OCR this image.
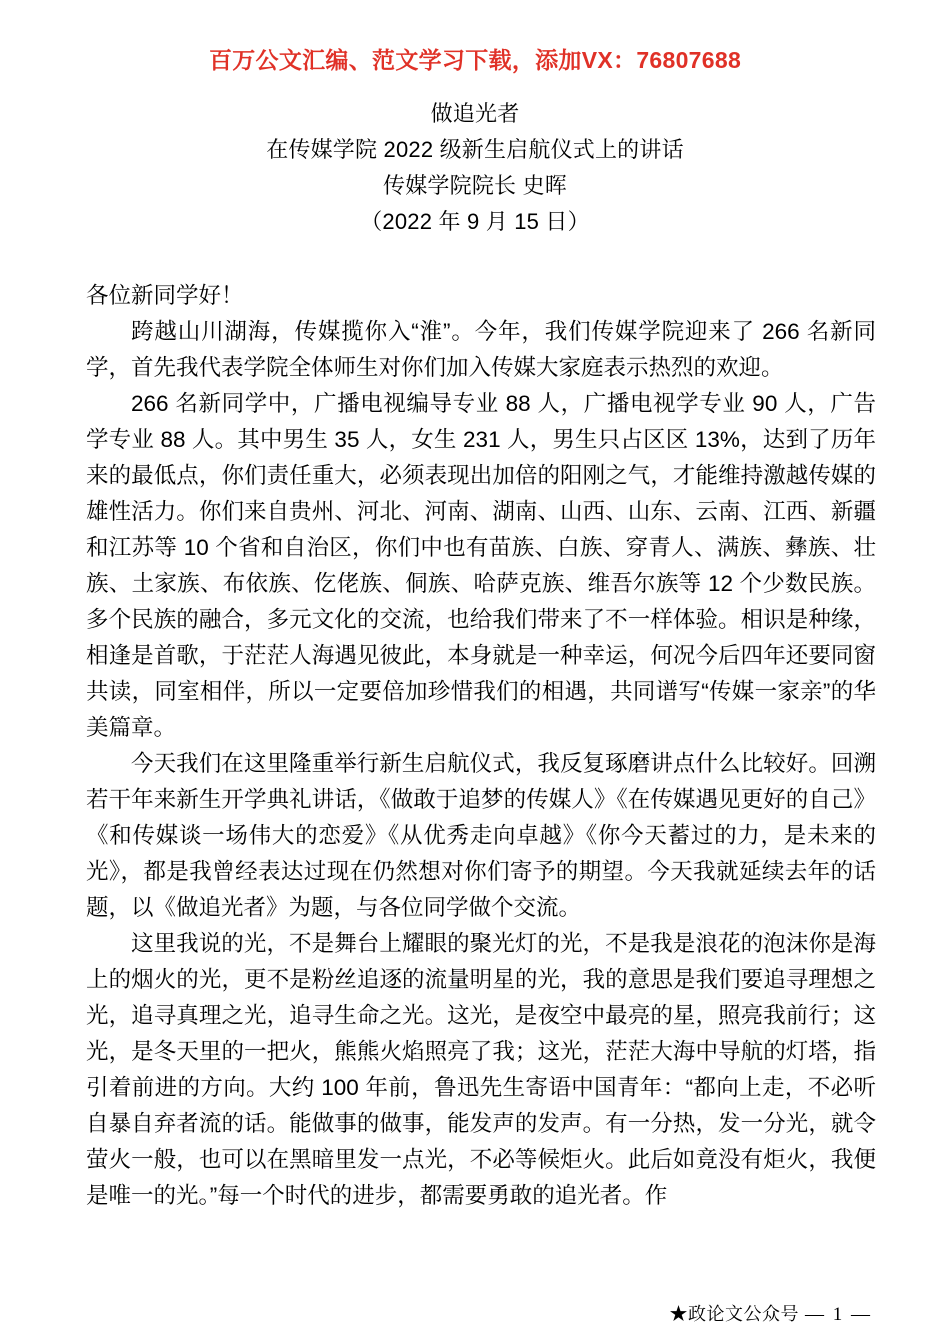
百万公文汇编、范文学习下载，添加VX：76807688
做追光者
在传媒学院 2022 级新生启航仪式上的讲话
传媒学院院长 史晖
（2022 年 9 月 15 日）

各位新同学好！

跨越山川湖海，传媒揽你入“淮”。今年，我们传媒学院迎来了 266 名新同学，首先我代表学院全体师生对你们加入传媒大家庭表示热烈的欢迎。

266 名新同学中，广播电视编导专业 88 人，广播电视学专业 90 人，广告学专业 88 人。其中男生 35 人，女生 231 人，男生只占区区 13%，达到了历年来的最低点，你们责任重大，必须表现出加倍的阳刚之气，才能维持激越传媒的雄性活力。你们来自贵州、河北、河南、湖南、山西、山东、云南、江西、新疆和江苏等 10 个省和自治区，你们中也有苗族、白族、穿青人、满族、彝族、壮族、土家族、布依族、仡佬族、侗族、哈萨克族、维吾尔族等 12 个少数民族。多个民族的融合，多元文化的交流，也给我们带来了不一样体验。相识是种缘，相逢是首歌，于茫茫人海遇见彼此，本身就是一种幸运，何况今后四年还要同窗共读，同室相伴，所以一定要倍加珍惜我们的相遇，共同谱写“传媒一家亲”的华美篇章。

今天我们在这里隆重举行新生启航仪式，我反复琢磨讲点什么比较好。回溯若干年来新生开学典礼讲话，《做敢于追梦的传媒人》《在传媒遇见更好的自己》《和传媒谈一场伟大的恋爱》《从优秀走向卓越》《你今天蓄过的力，是未来的光》，都是我曾经表达过现在仍然想对你们寄予的期望。今天我就延续去年的话题，以《做追光者》为题，与各位同学做个交流。

这里我说的光，不是舞台上耀眼的聚光灯的光，不是我是浪花的泡沫你是海上的烟火的光，更不是粉丝追逐的流量明星的光，我的意思是我们要追寻理想之光，追寻真理之光，追寻生命之光。这光，是夜空中最亮的星，照亮我前行；这光，是冬天里的一把火，熊熊火焰照亮了我；这光，茫茫大海中导航的灯塔，指引着前进的方向。大约 100 年前，鲁迅先生寄语中国青年：“都向上走，不必听自暴自弃者流的话。能做事的做事，能发声的发声。有一分热，发一分光，就令萤火一般，也可以在黑暗里发一点光，不必等候炬火。此后如竟没有炬火，我便是唯一的光。”每一个时代的进步，都需要勇敢的追光者。作

★政论文公众号 — 1 —
